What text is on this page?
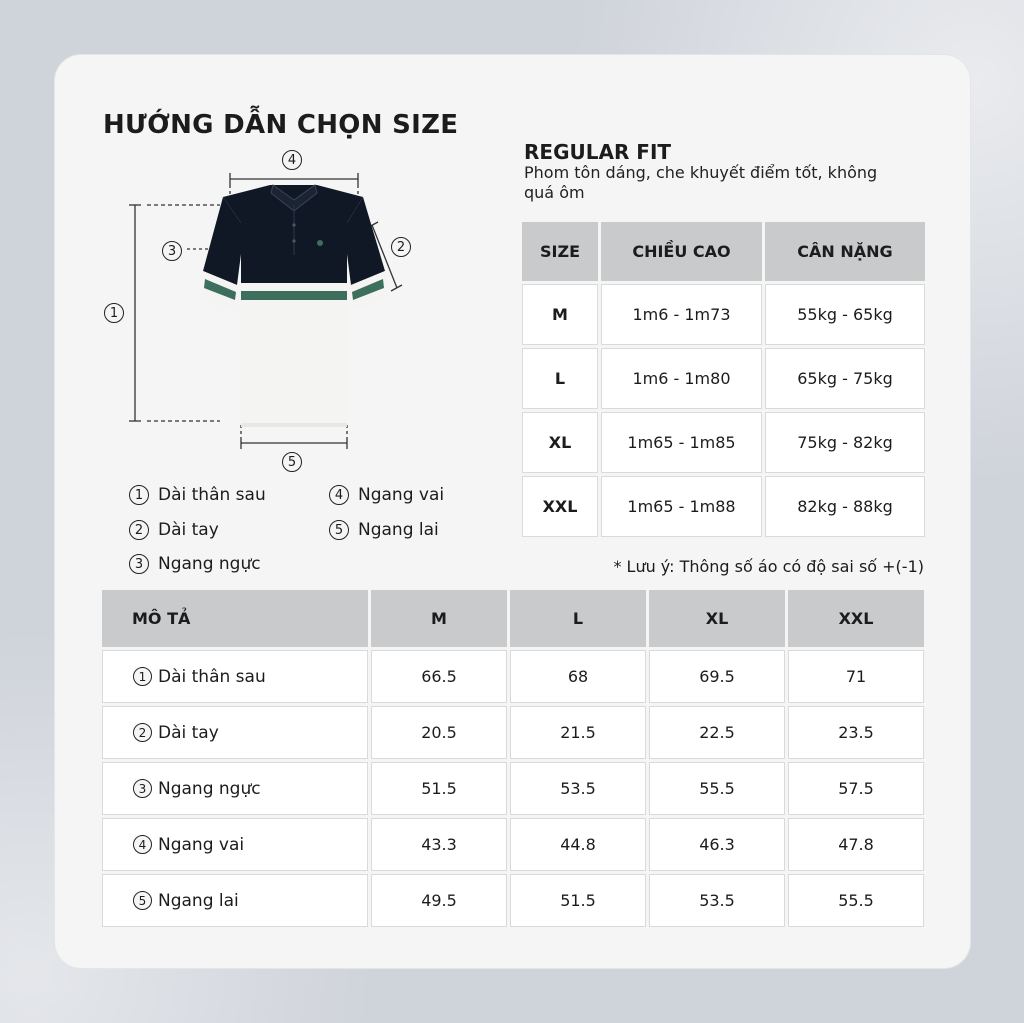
HƯỚNG DẪN CHỌN SIZE
REGULAR FIT
Phom tôn dáng, che khuyết điểm tốt, không quá ôm
1
2
3
4
5
1 Dài thân sau
2 Dài tay
3 Ngang ngực
4 Ngang vai
5 Ngang lai
SIZE	CHIỀU CAO	CÂN NẶNG
M	1m6 - 1m73	55kg - 65kg
L	1m6 - 1m80	65kg - 75kg
XL	1m65 - 1m85	75kg - 82kg
XXL	1m65 - 1m88	82kg - 88kg
* Lưu ý: Thông số áo có độ sai số +(-1)
MÔ TẢ	M	L	XL	XXL

1 Dài thân sau	66.5	68	69.5	71

2 Dài tay	20.5	21.5	22.5	23.5

3 Ngang ngực	51.5	53.5	55.5	57.5

4 Ngang vai	43.3	44.8	46.3	47.8

5 Ngang lai	49.5	51.5	53.5	55.5
